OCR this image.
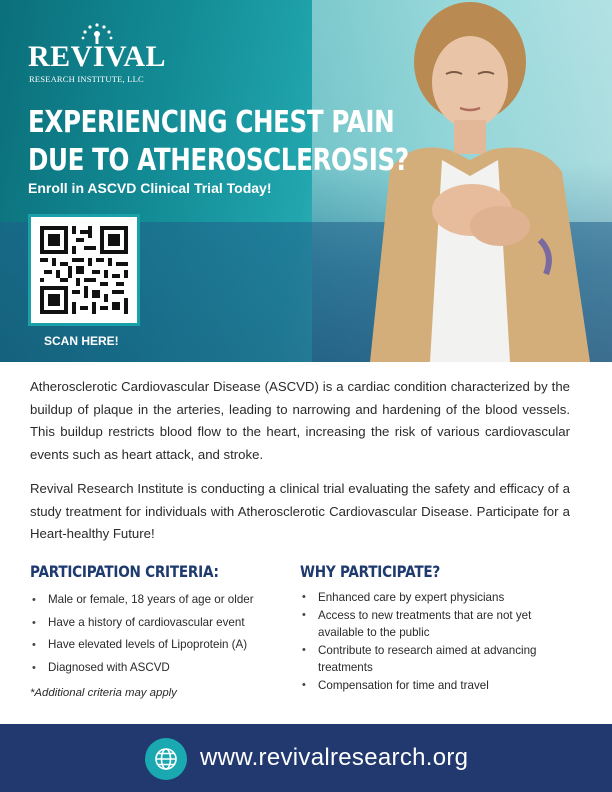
REVIVAL
RESEARCH INSTITUTE, LLC
EXPERIENCING CHEST PAIN
DUE TO ATHEROSCLEROSIS?
Enroll in ASCVD Clinical Trial Today!
SCAN HERE!

Atherosclerotic Cardiovascular Disease (ASCVD) is a cardiac condition characterized by the buildup of plaque in the arteries, leading to narrowing and hardening of the blood vessels. This buildup restricts blood flow to the heart, increasing the risk of various cardiovascular events such as heart attack, and stroke.

Revival Research Institute is conducting a clinical trial evaluating the safety and efficacy of a study treatment for individuals with Atherosclerotic Cardiovascular Disease. Participate for a Heart-healthy Future!

PARTICIPATION CRITERIA:
• Male or female, 18 years of age or older
• Have a history of cardiovascular event
• Have elevated levels of Lipoprotein (A)
• Diagnosed with ASCVD
*Additional criteria may apply
WHY PARTICIPATE?
• Enhanced care by expert physicians
• Access to new treatments that are not yet available to the public
• Contribute to research aimed at advancing treatments
• Compensation for time and travel
www.revivalresearch.org
